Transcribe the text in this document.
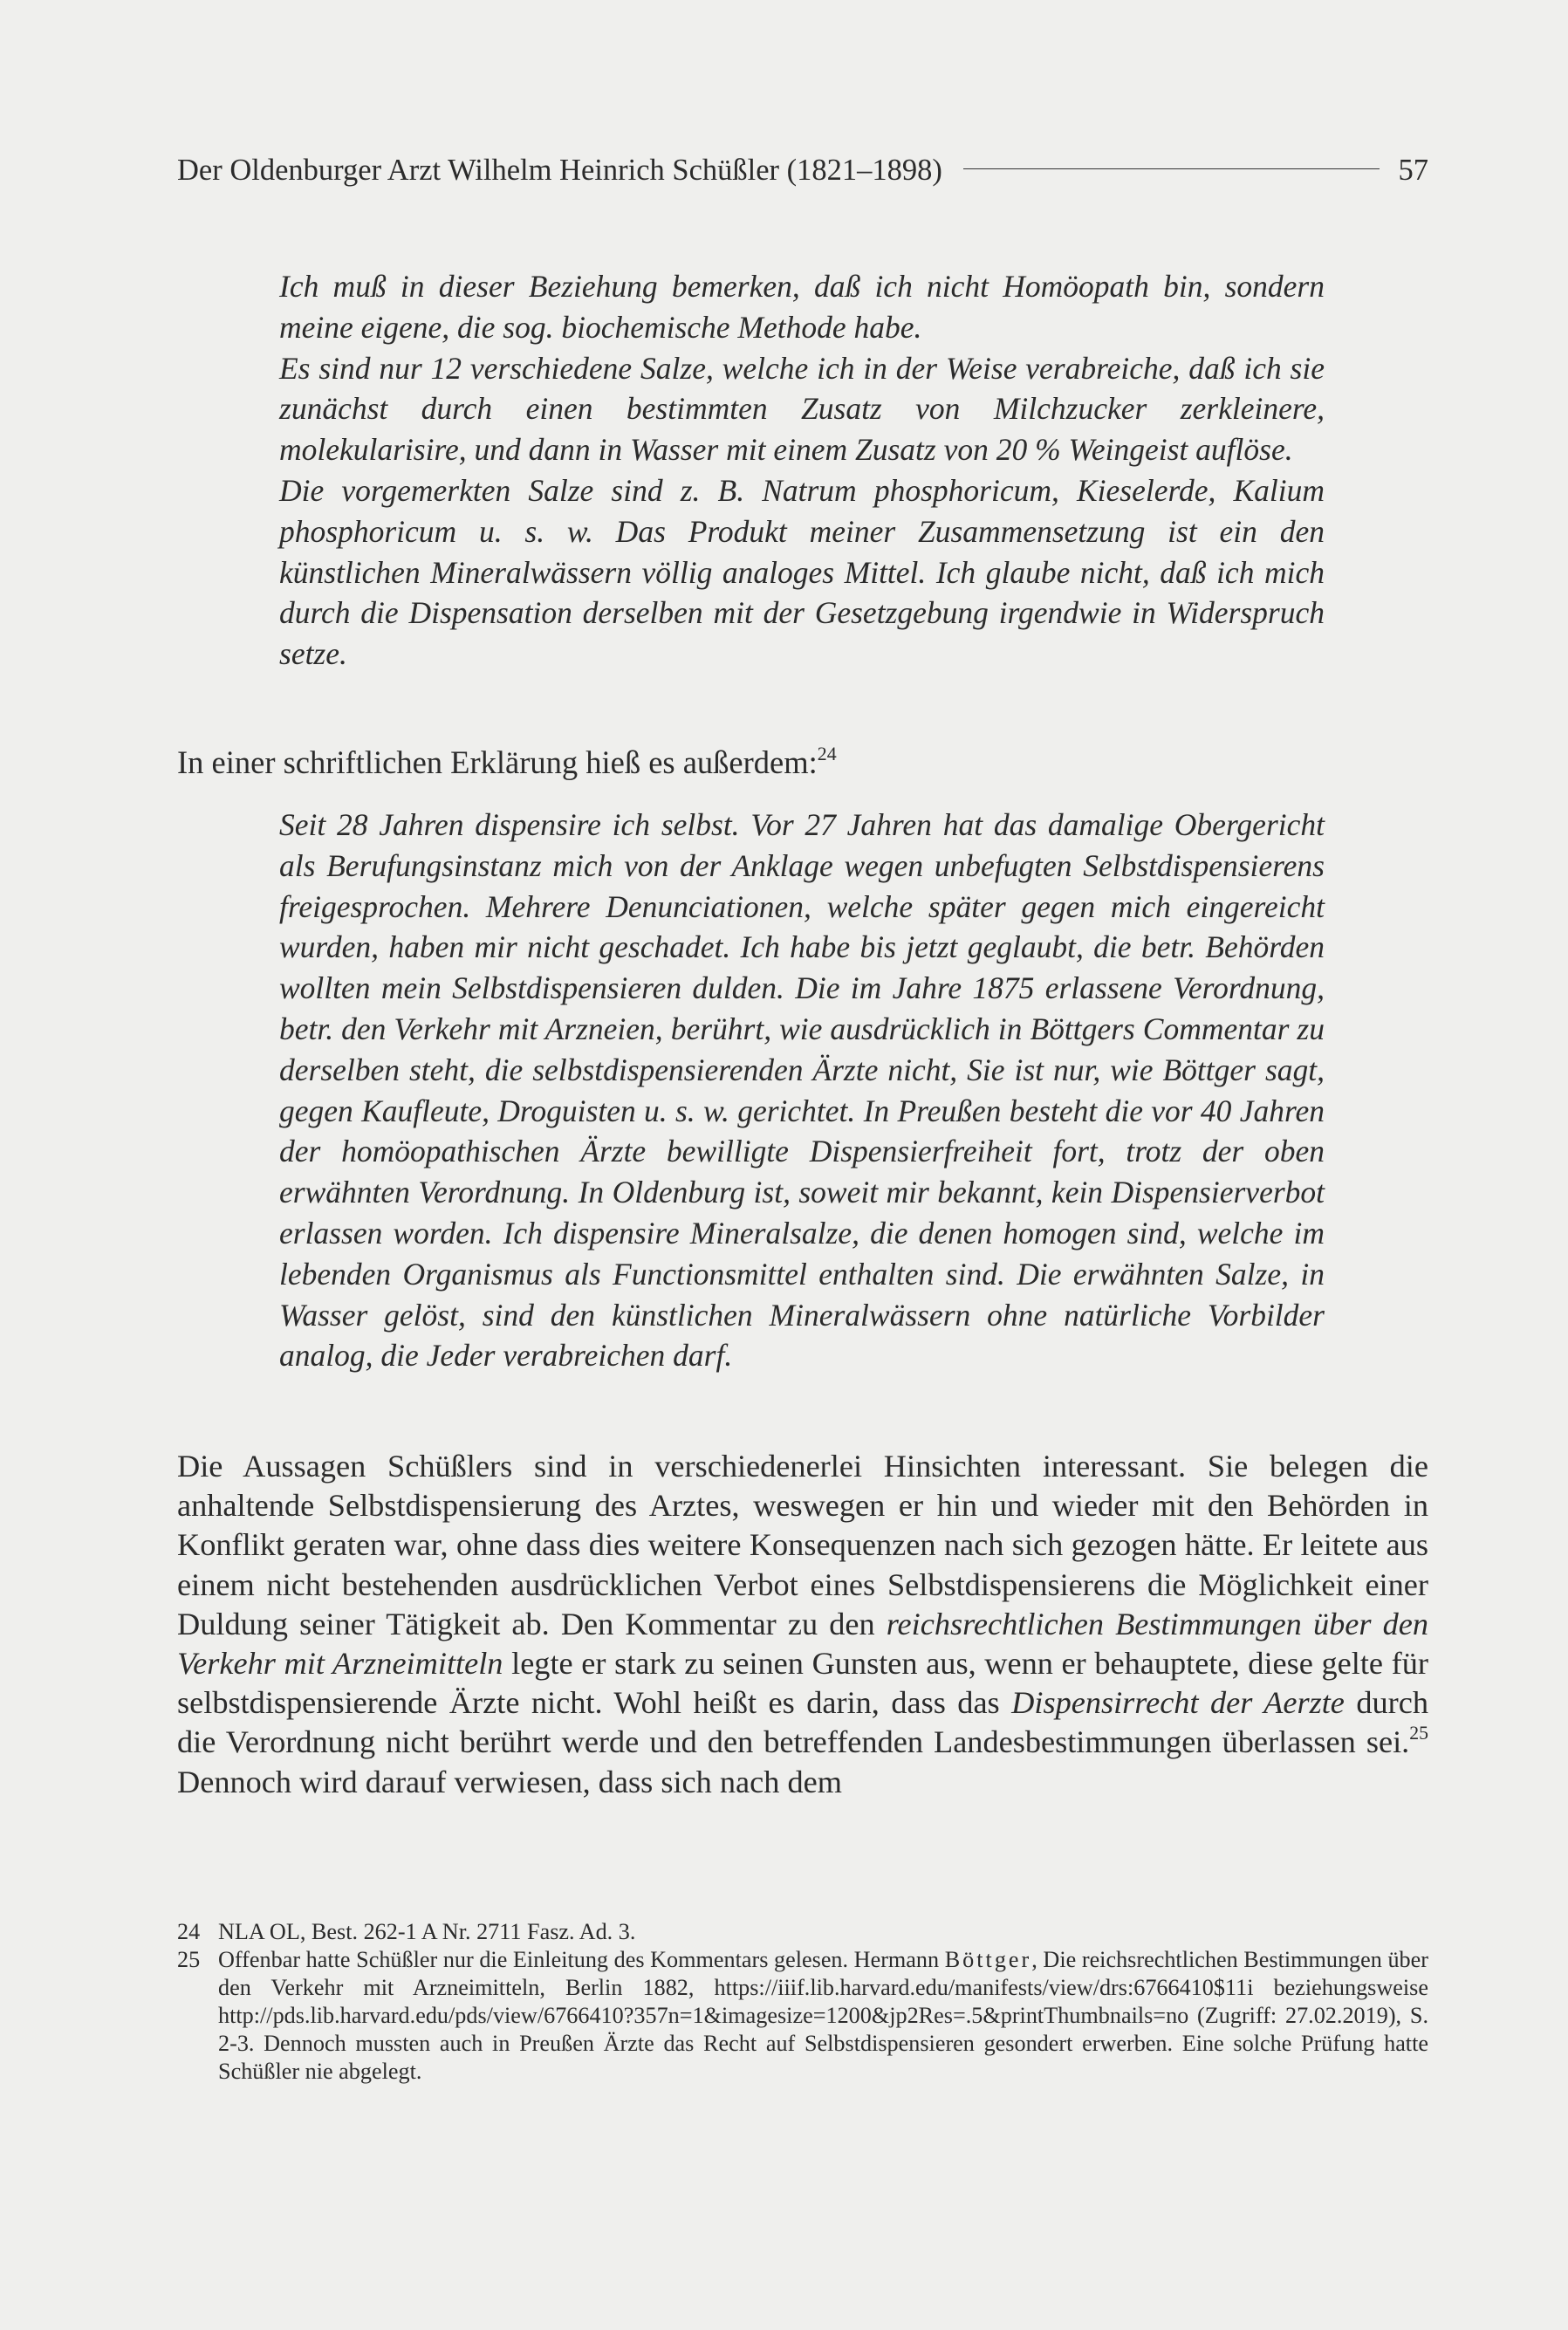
Der Oldenburger Arzt Wilhelm Heinrich Schüßler (1821–1898)	57

Ich muß in dieser Beziehung bemerken, daß ich nicht Homöopath bin, sondern meine eigene, die sog. biochemische Methode habe.

Es sind nur 12 verschiedene Salze, welche ich in der Weise verabreiche, daß ich sie zunächst durch einen bestimmten Zusatz von Milchzucker zerkleinere, molekularisire, und dann in Wasser mit einem Zusatz von 20 % Weingeist auflöse.

Die vorgemerkten Salze sind z. B. Natrum phosphoricum, Kieselerde, Kalium phosphoricum u. s. w. Das Produkt meiner Zusammensetzung ist ein den künstlichen Mineralwässern völlig analoges Mittel. Ich glaube nicht, daß ich mich durch die Dispensation derselben mit der Gesetzgebung irgendwie in Widerspruch setze.

In einer schriftlichen Erklärung hieß es außerdem:$^{24}$

Seit 28 Jahren dispensire ich selbst. Vor 27 Jahren hat das damalige Obergericht als Berufungsinstanz mich von der Anklage wegen unbefugten Selbstdispensierens freigesprochen. Mehrere Denunciationen, welche später gegen mich eingereicht wurden, haben mir nicht geschadet. Ich habe bis jetzt geglaubt, die betr. Behörden wollten mein Selbstdispensieren dulden. Die im Jahre 1875 erlassene Verordnung, betr. den Verkehr mit Arzneien, berührt, wie ausdrücklich in Böttgers Commentar zu derselben steht, die selbstdispensierenden Ärzte nicht, Sie ist nur, wie Böttger sagt, gegen Kaufleute, Droguisten u. s. w. gerichtet. In Preußen besteht die vor 40 Jahren der homöopathischen Ärzte bewilligte Dispensierfreiheit fort, trotz der oben erwähnten Verordnung. In Oldenburg ist, soweit mir bekannt, kein Dispensierverbot erlassen worden. Ich dispensire Mineralsalze, die denen homogen sind, welche im lebenden Organismus als Functionsmittel enthalten sind. Die erwähnten Salze, in Wasser gelöst, sind den künstlichen Mineralwässern ohne natürliche Vorbilder analog, die Jeder verabreichen darf.

Die Aussagen Schüßlers sind in verschiedenerlei Hinsichten interessant. Sie belegen die anhaltende Selbstdispensierung des Arztes, weswegen er hin und wieder mit den Behörden in Konflikt geraten war, ohne dass dies weitere Konsequenzen nach sich gezogen hätte. Er leitete aus einem nicht bestehenden ausdrücklichen Verbot eines Selbstdispensierens die Möglichkeit einer Duldung seiner Tätigkeit ab. Den Kommentar zu den reichsrechtlichen Bestimmungen über den Verkehr mit Arzneimitteln legte er stark zu seinen Gunsten aus, wenn er behauptete, diese gelte für selbstdispensierende Ärzte nicht. Wohl heißt es darin, dass das Dispensirrecht der Aerzte durch die Verordnung nicht berührt werde und den betreffenden Landesbestimmungen überlassen sei.$^{25}$ Dennoch wird darauf verwiesen, dass sich nach dem

24 NLA OL, Best. 262-1 A Nr. 2711 Fasz. Ad. 3.
25 Offenbar hatte Schüßler nur die Einleitung des Kommentars gelesen. Hermann Böttger, Die reichsrechtlichen Bestimmungen über den Verkehr mit Arzneimitteln, Berlin 1882, https://iiif.lib.harvard.edu/manifests/view/drs:6766410$11i beziehungsweise http://pds.lib.harvard.edu/pds/view/6766410?357n=1&imagesize=1200&jp2Res=.5&printThumbnails=no (Zugriff: 27.02.2019), S. 2-3. Dennoch mussten auch in Preußen Ärzte das Recht auf Selbstdispensieren gesondert erwerben. Eine solche Prüfung hatte Schüßler nie abgelegt.
